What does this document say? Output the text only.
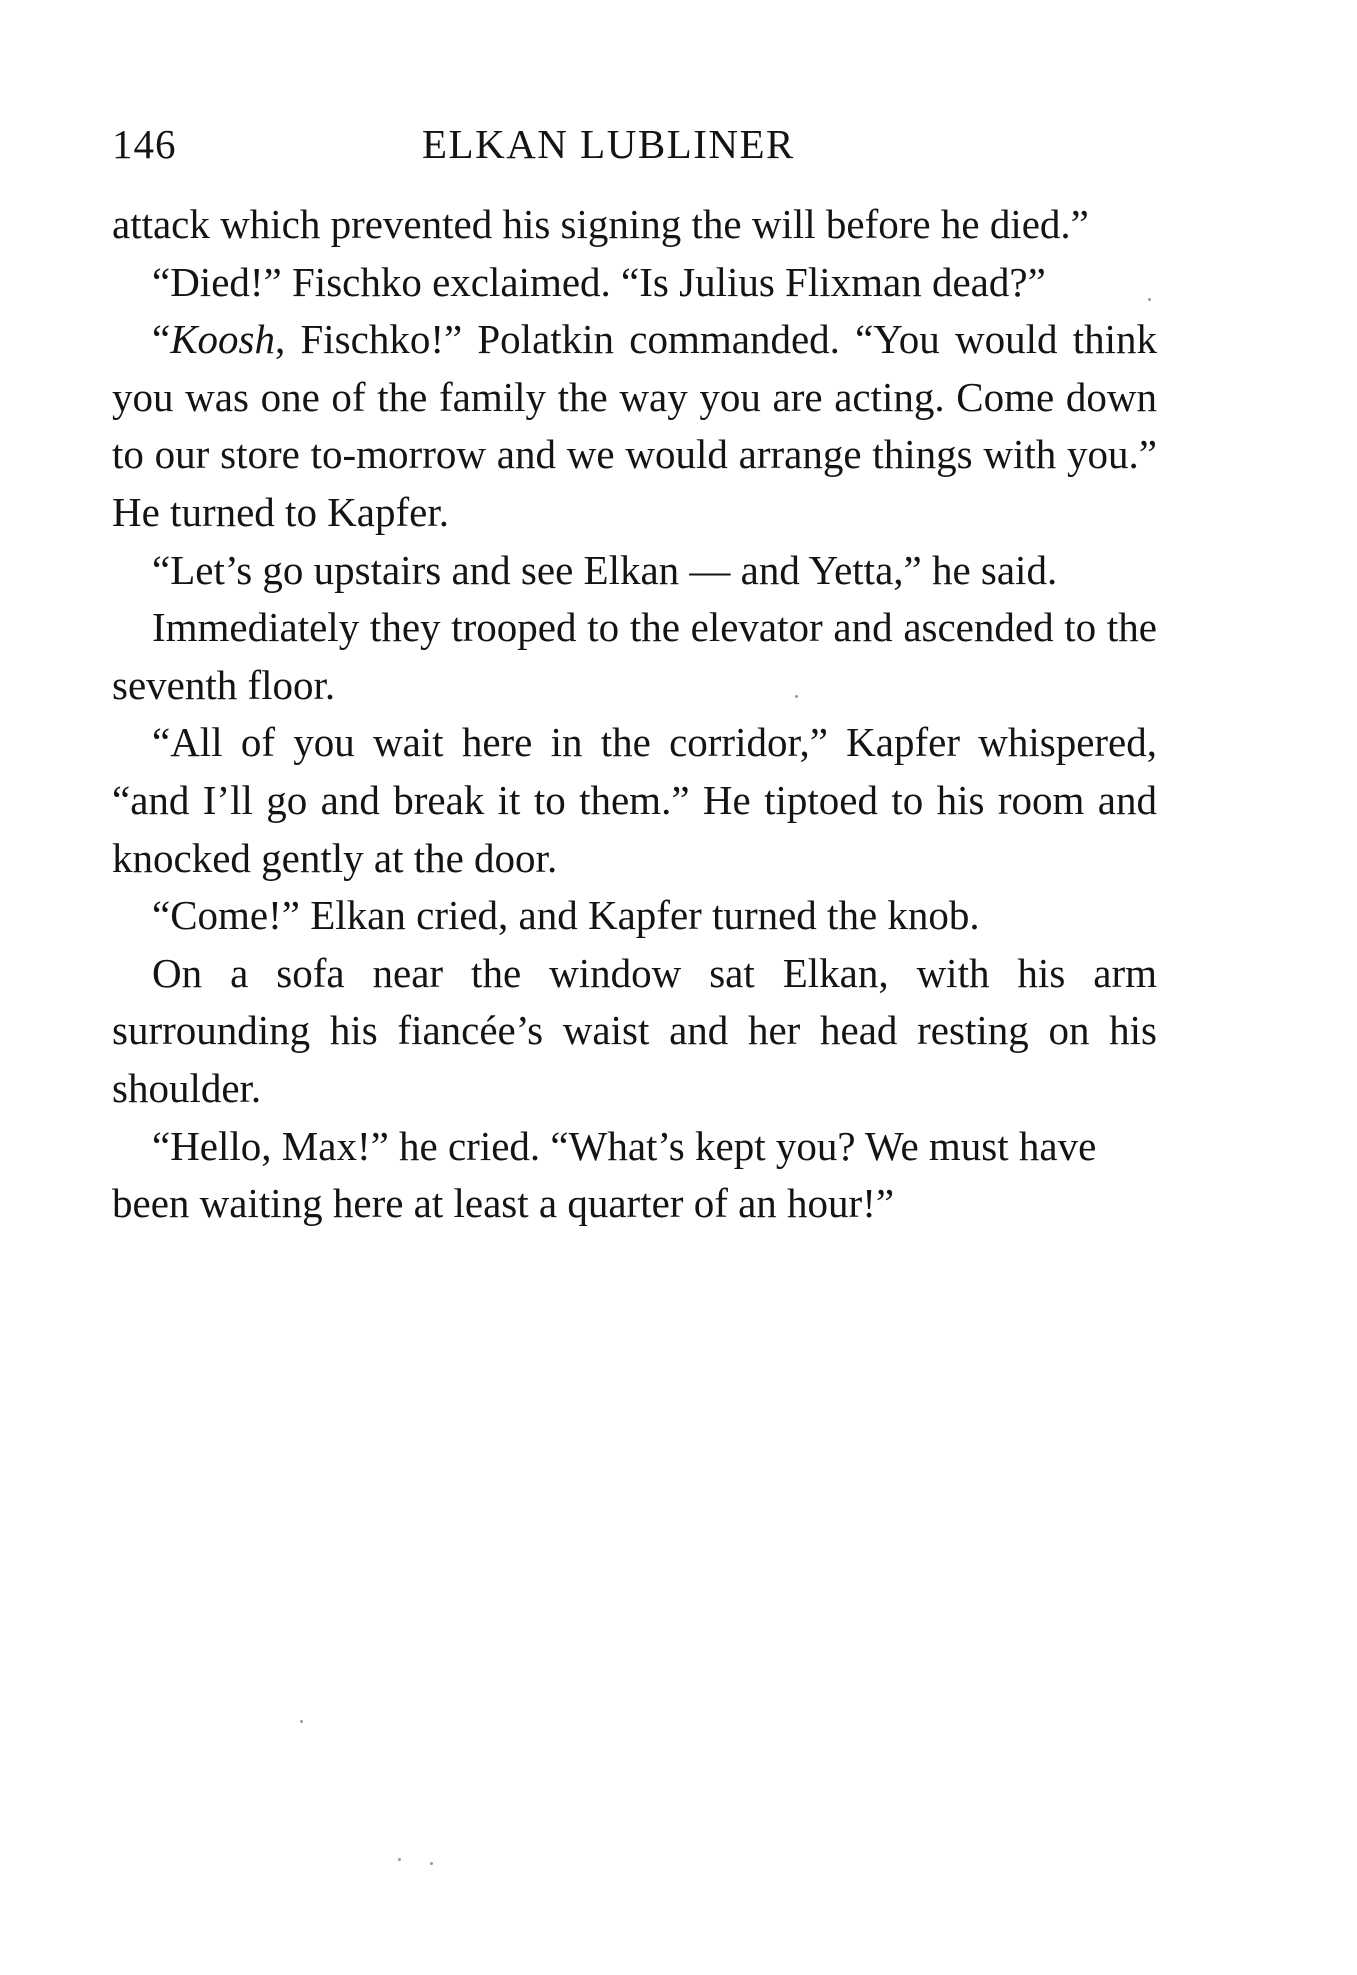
146	ELKAN LUBLINER

attack which prevented his signing the will before he died.”

“Died!” Fischko exclaimed. “Is Julius Flixman dead?”

“Koosh, Fischko!” Polatkin commanded. “You would think you was one of the family the way you are acting. Come down to our store to-morrow and we would arrange things with you.” He turned to Kapfer.

“Let’s go upstairs and see Elkan — and Yetta,” he said.

Immediately they trooped to the elevator and ascended to the seventh floor.

“All of you wait here in the corridor,” Kapfer whispered, “and I’ll go and break it to them.” He tiptoed to his room and knocked gently at the door.

“Come!” Elkan cried, and Kapfer turned the knob.

On a sofa near the window sat Elkan, with his arm surrounding his fiancée’s waist and her head resting on his shoulder.

“Hello, Max!” he cried. “What’s kept you? We must have been waiting here at least a quarter of an hour!”
